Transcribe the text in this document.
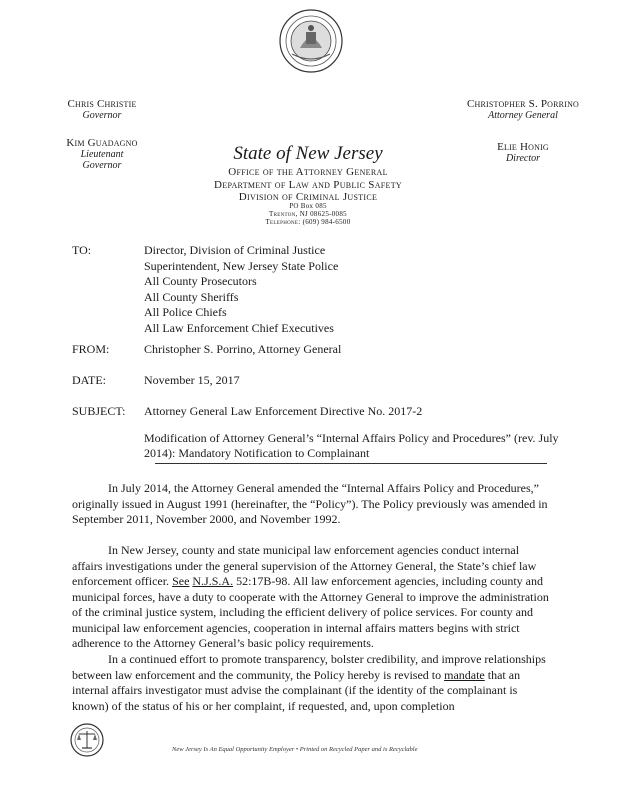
Chris Christie
Governor
Kim Guadagno
Lieutenant Governor
Christopher S. Porrino
Attorney General
Elie Honig
Director
State of New Jersey
Office of the Attorney General
Department of Law and Public Safety
Division of Criminal Justice
PO Box 085
Trenton, NJ 08625-0085
Telephone: (609) 984-6500
TO:	Director, Division of Criminal Justice
Superintendent, New Jersey State Police
All County Prosecutors
All County Sheriffs
All Police Chiefs
All Law Enforcement Chief Executives
FROM:	Christopher S. Porrino, Attorney General
DATE:	November 15, 2017
SUBJECT:	Attorney General Law Enforcement Directive No. 2017-2
Modification of Attorney General’s “Internal Affairs Policy and Procedures” (rev. July 2014): Mandatory Notification to Complainant
In July 2014, the Attorney General amended the “Internal Affairs Policy and Procedures,” originally issued in August 1991 (hereinafter, the “Policy”). The Policy previously was amended in September 2011, November 2000, and November 1992.
In New Jersey, county and state municipal law enforcement agencies conduct internal affairs investigations under the general supervision of the Attorney General, the State’s chief law enforcement officer. See N.J.S.A. 52:17B-98. All law enforcement agencies, including county and municipal forces, have a duty to cooperate with the Attorney General to improve the administration of the criminal justice system, including the efficient delivery of police services. For county and municipal law enforcement agencies, cooperation in internal affairs matters begins with strict adherence to the Attorney General’s basic policy requirements.
In a continued effort to promote transparency, bolster credibility, and improve relationships between law enforcement and the community, the Policy hereby is revised to mandate that an internal affairs investigator must advise the complainant (if the identity of the complainant is known) of the status of his or her complaint, if requested, and, upon completion
New Jersey Is An Equal Opportunity Employer • Printed on Recycled Paper and is Recyclable
